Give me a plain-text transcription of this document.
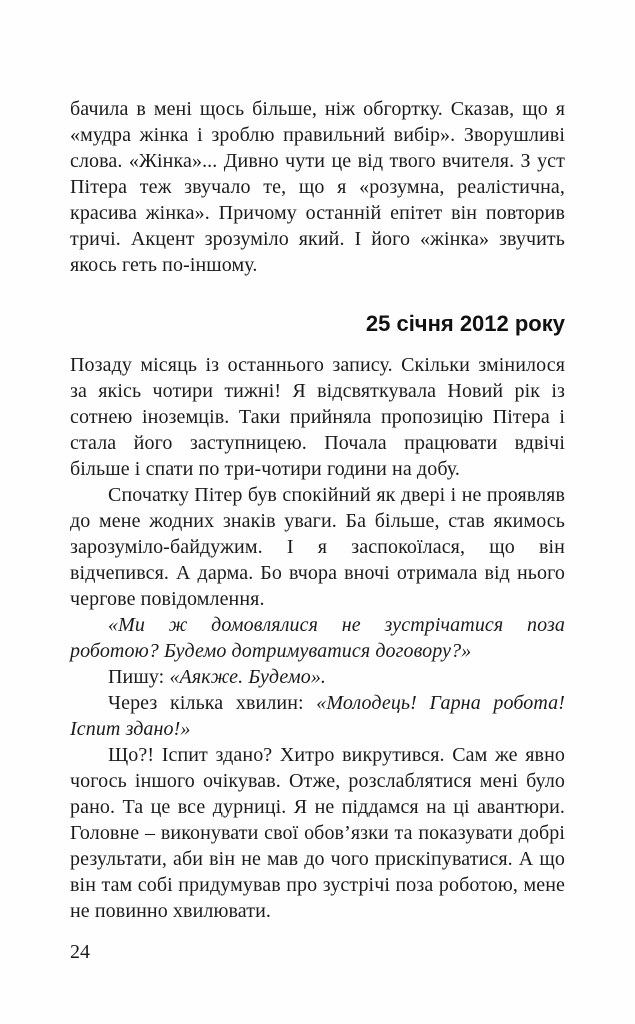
бачила в мені щось більше, ніж обгортку. Сказав, що я «мудра жінка і зроблю правильний вибір». Зворушливі слова. «Жінка»... Дивно чути це від твого вчителя. З уст Пітера теж звучало те, що я «розумна, реалістична, красива жінка». Причому останній епітет він повторив тричі. Акцент зрозуміло який. І його «жінка» звучить якось геть по-іншому.

25 січня 2012 року

Позаду місяць із останнього запису. Скільки змінилося за якісь чотири тижні! Я відсвяткувала Новий рік із сотнею іноземців. Таки прийняла пропозицію Пітера і стала його заступницею. Почала працювати вдвічі більше і спати по три-чотири години на добу.

Спочатку Пітер був спокійний як двері і не проявляв до мене жодних знаків уваги. Ба більше, став якимось зарозуміло-байдужим. І я заспокоїлася, що він відчепився. А дарма. Бо вчора вночі отримала від нього чергове повідомлення.

«Ми ж домовлялися не зустрічатися поза роботою? Будемо дотримуватися договору?»

Пишу: «Аякже. Будемо».

Через кілька хвилин: «Молодець! Гарна робота! Іспит здано!»

Що?! Іспит здано? Хитро викрутився. Сам же явно чогось іншого очікував. Отже, розслаблятися мені було рано. Та це все дурниці. Я не піддамся на ці авантюри. Головне – виконувати свої обов’язки та показувати добрі результати, аби він не мав до чого прискіпуватися. А що він там собі придумував про зустрічі поза роботою, мене не повинно хвилювати.

24
